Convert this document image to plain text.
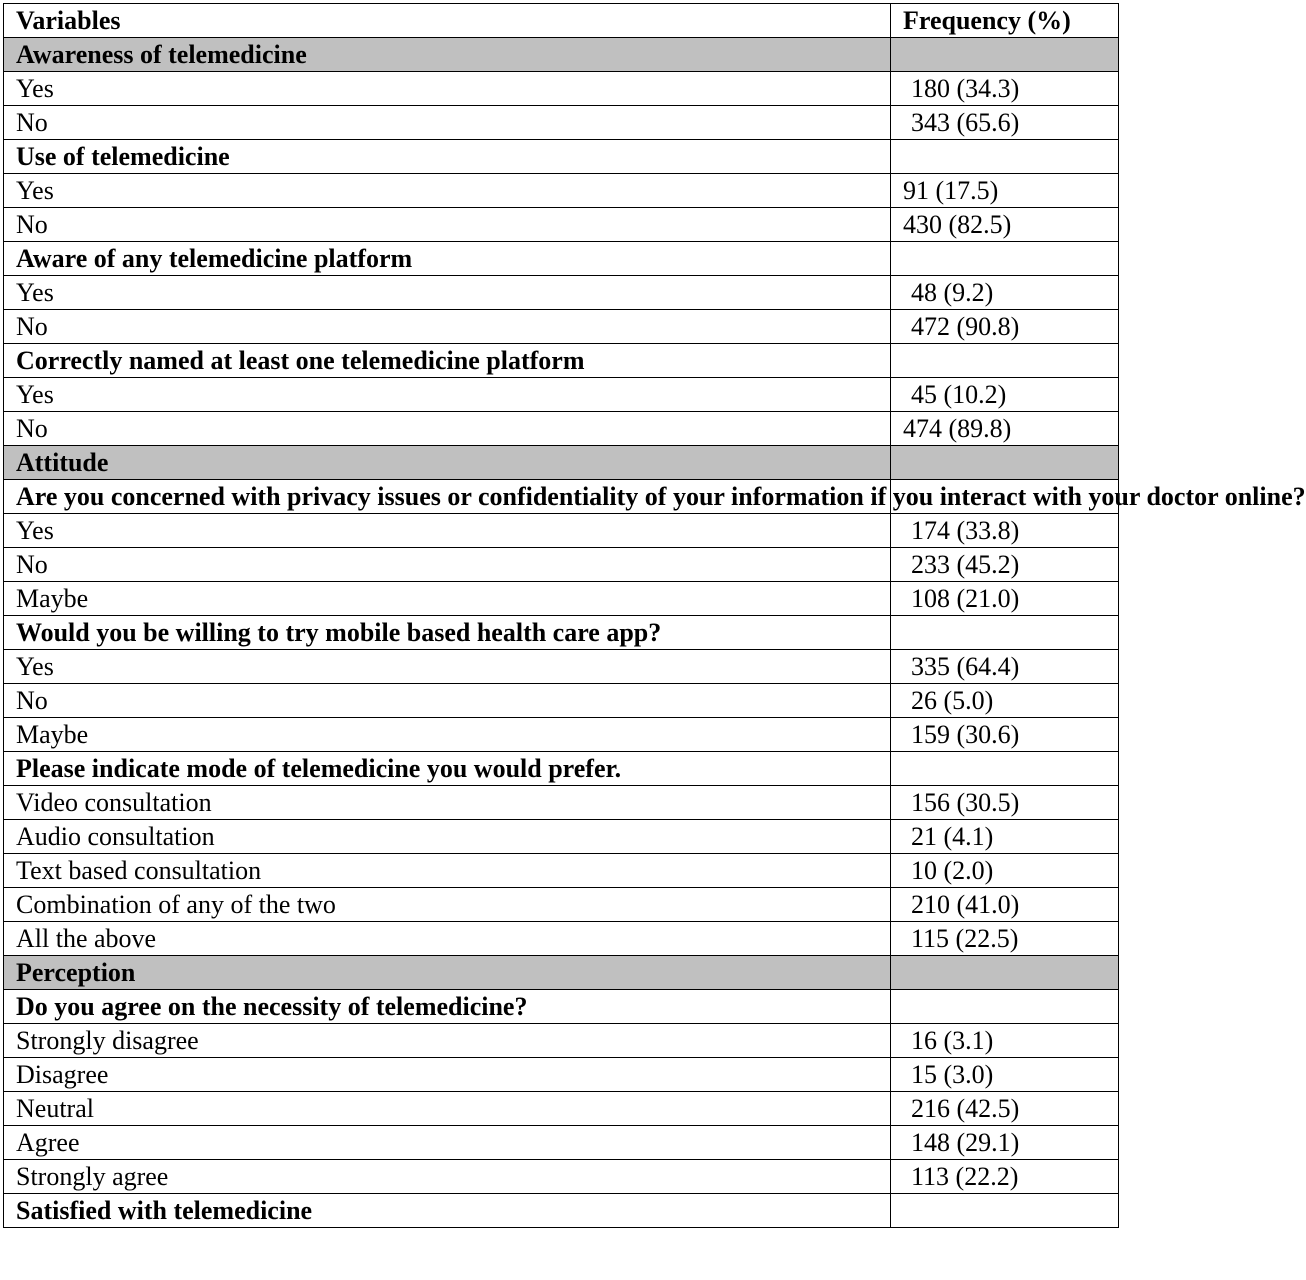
Variables	Frequency (%)
Awareness of telemedicine	
Yes	180 (34.3)
No	343 (65.6)
Use of telemedicine	
Yes	91 (17.5)
No	430 (82.5)
Aware of any telemedicine platform	
Yes	48 (9.2)
No	472 (90.8)
Correctly named at least one telemedicine platform	
Yes	45 (10.2)
No	474 (89.8)
Attitude	
Are you concerned with privacy issues or confidentiality of your information if you interact with your doctor online?	
Yes	174 (33.8)
No	233 (45.2)
Maybe	108 (21.0)
Would you be willing to try mobile based health care app?	
Yes	335 (64.4)
No	26 (5.0)
Maybe	159 (30.6)
Please indicate mode of telemedicine you would prefer.	
Video consultation	156 (30.5)
Audio consultation	21 (4.1)
Text based consultation	10 (2.0)
Combination of any of the two	210 (41.0)
All the above	115 (22.5)
Perception	
Do you agree on the necessity of telemedicine?	
Strongly disagree	16 (3.1)
Disagree	15 (3.0)
Neutral	216 (42.5)
Agree	148 (29.1)
Strongly agree	113 (22.2)
Satisfied with telemedicine	
